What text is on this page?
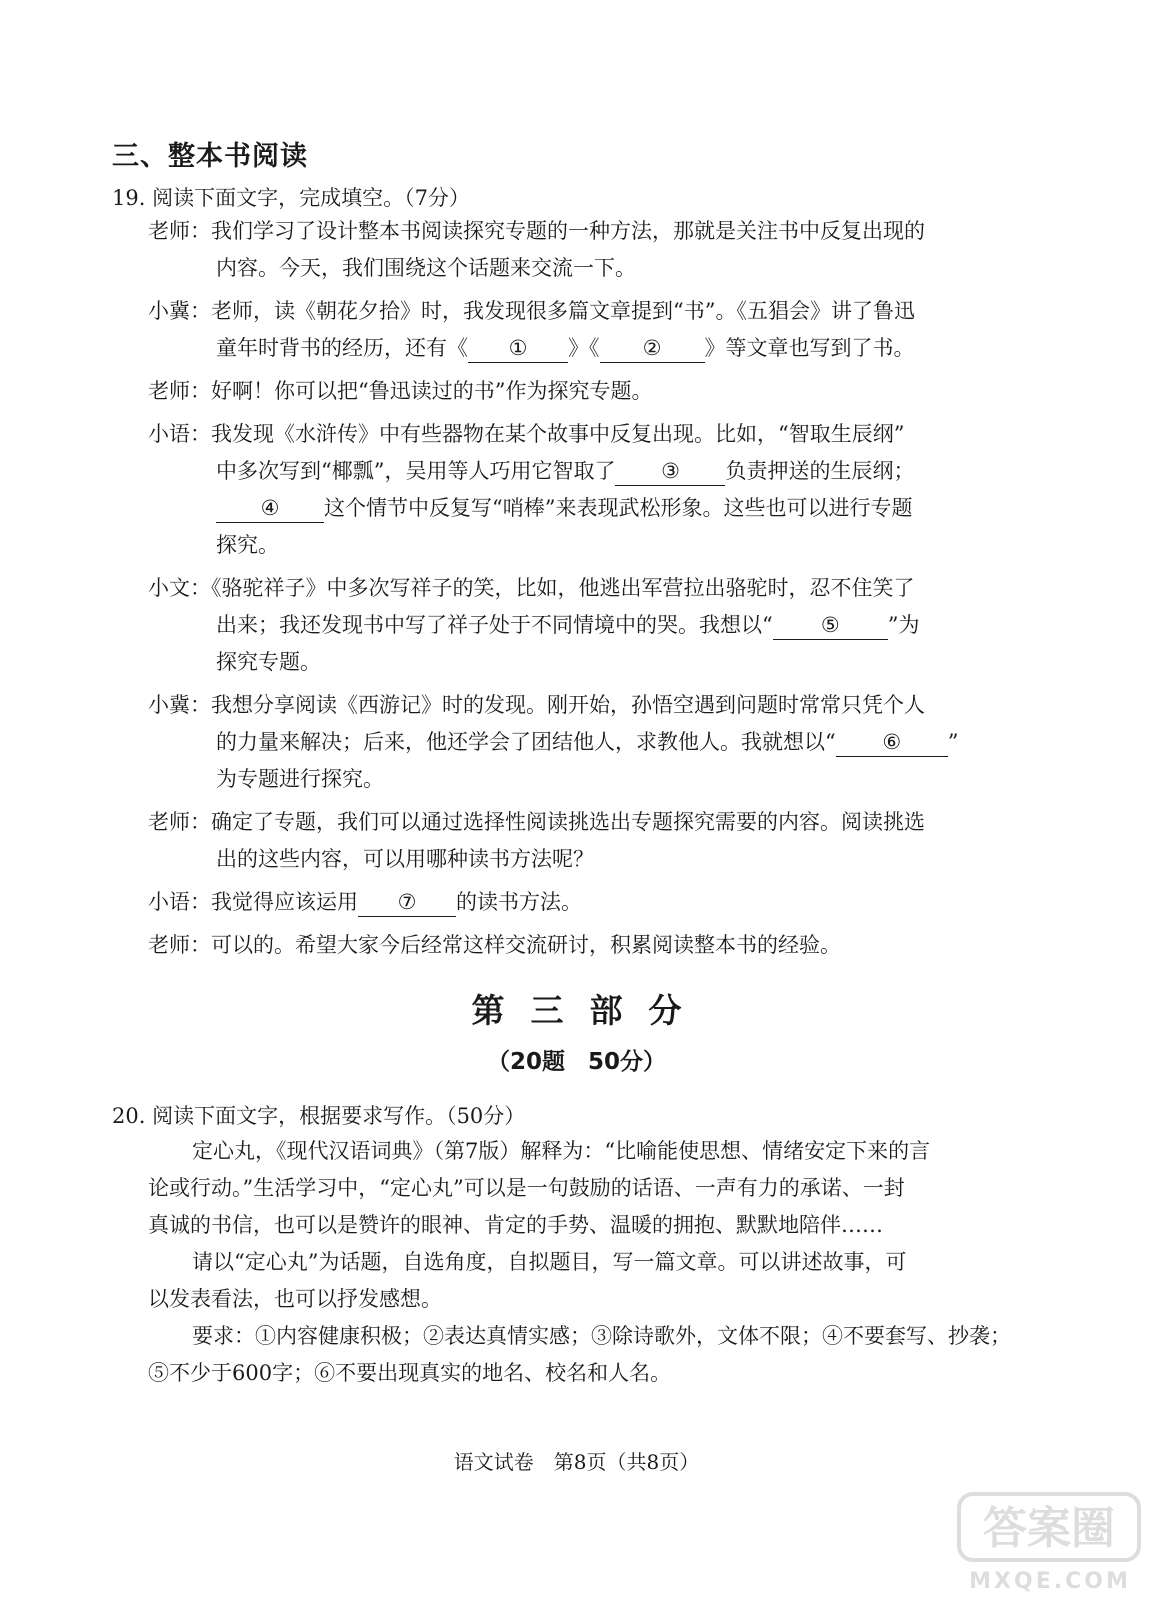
三、整本书阅读
19. 阅读下面文字，完成填空。（7分）
老师：我们学习了设计整本书阅读探究专题的一种方法，那就是关注书中反复出现的
内容。今天，我们围绕这个话题来交流一下。
小冀：老师，读《朝花夕拾》时，我发现很多篇文章提到“书”。《五猖会》讲了鲁迅
童年时背书的经历，还有《 ① 》《 ② 》等文章也写到了书。
老师：好啊！你可以把“鲁迅读过的书”作为探究专题。
小语：我发现《水浒传》中有些器物在某个故事中反复出现。比如，“智取生辰纲”
中多次写到“椰瓢”，吴用等人巧用它智取了 ③ 负责押送的生辰纲；
④ 这个情节中反复写“哨棒”来表现武松形象。这些也可以进行专题
探究。
小文：《骆驼祥子》中多次写祥子的笑，比如，他逃出军营拉出骆驼时，忍不住笑了
出来；我还发现书中写了祥子处于不同情境中的哭。我想以“ ⑤ ”为
探究专题。
小冀：我想分享阅读《西游记》时的发现。刚开始，孙悟空遇到问题时常常只凭个人
的力量来解决；后来，他还学会了团结他人，求教他人。我就想以“ ⑥ ”
为专题进行探究。
老师：确定了专题，我们可以通过选择性阅读挑选出专题探究需要的内容。阅读挑选
出的这些内容，可以用哪种读书方法呢？
小语：我觉得应该运用 ⑦ 的读书方法。
老师：可以的。希望大家今后经常这样交流研讨，积累阅读整本书的经验。
第三部分
（20题　50分）
20. 阅读下面文字，根据要求写作。（50分）
定心丸，《现代汉语词典》（第7版）解释为：“比喻能使思想、情绪安定下来的言
论或行动。”生活学习中，“定心丸”可以是一句鼓励的话语、一声有力的承诺、一封
真诚的书信，也可以是赞许的眼神、肯定的手势、温暖的拥抱、默默地陪伴……
请以“定心丸”为话题，自选角度，自拟题目，写一篇文章。可以讲述故事，可
以发表看法，也可以抒发感想。
要求：①内容健康积极；②表达真情实感；③除诗歌外，文体不限；④不要套写、抄袭；
⑤不少于600字；⑥不要出现真实的地名、校名和人名。
语文试卷　第8页（共8页）
答案圈
MXQE.COM
